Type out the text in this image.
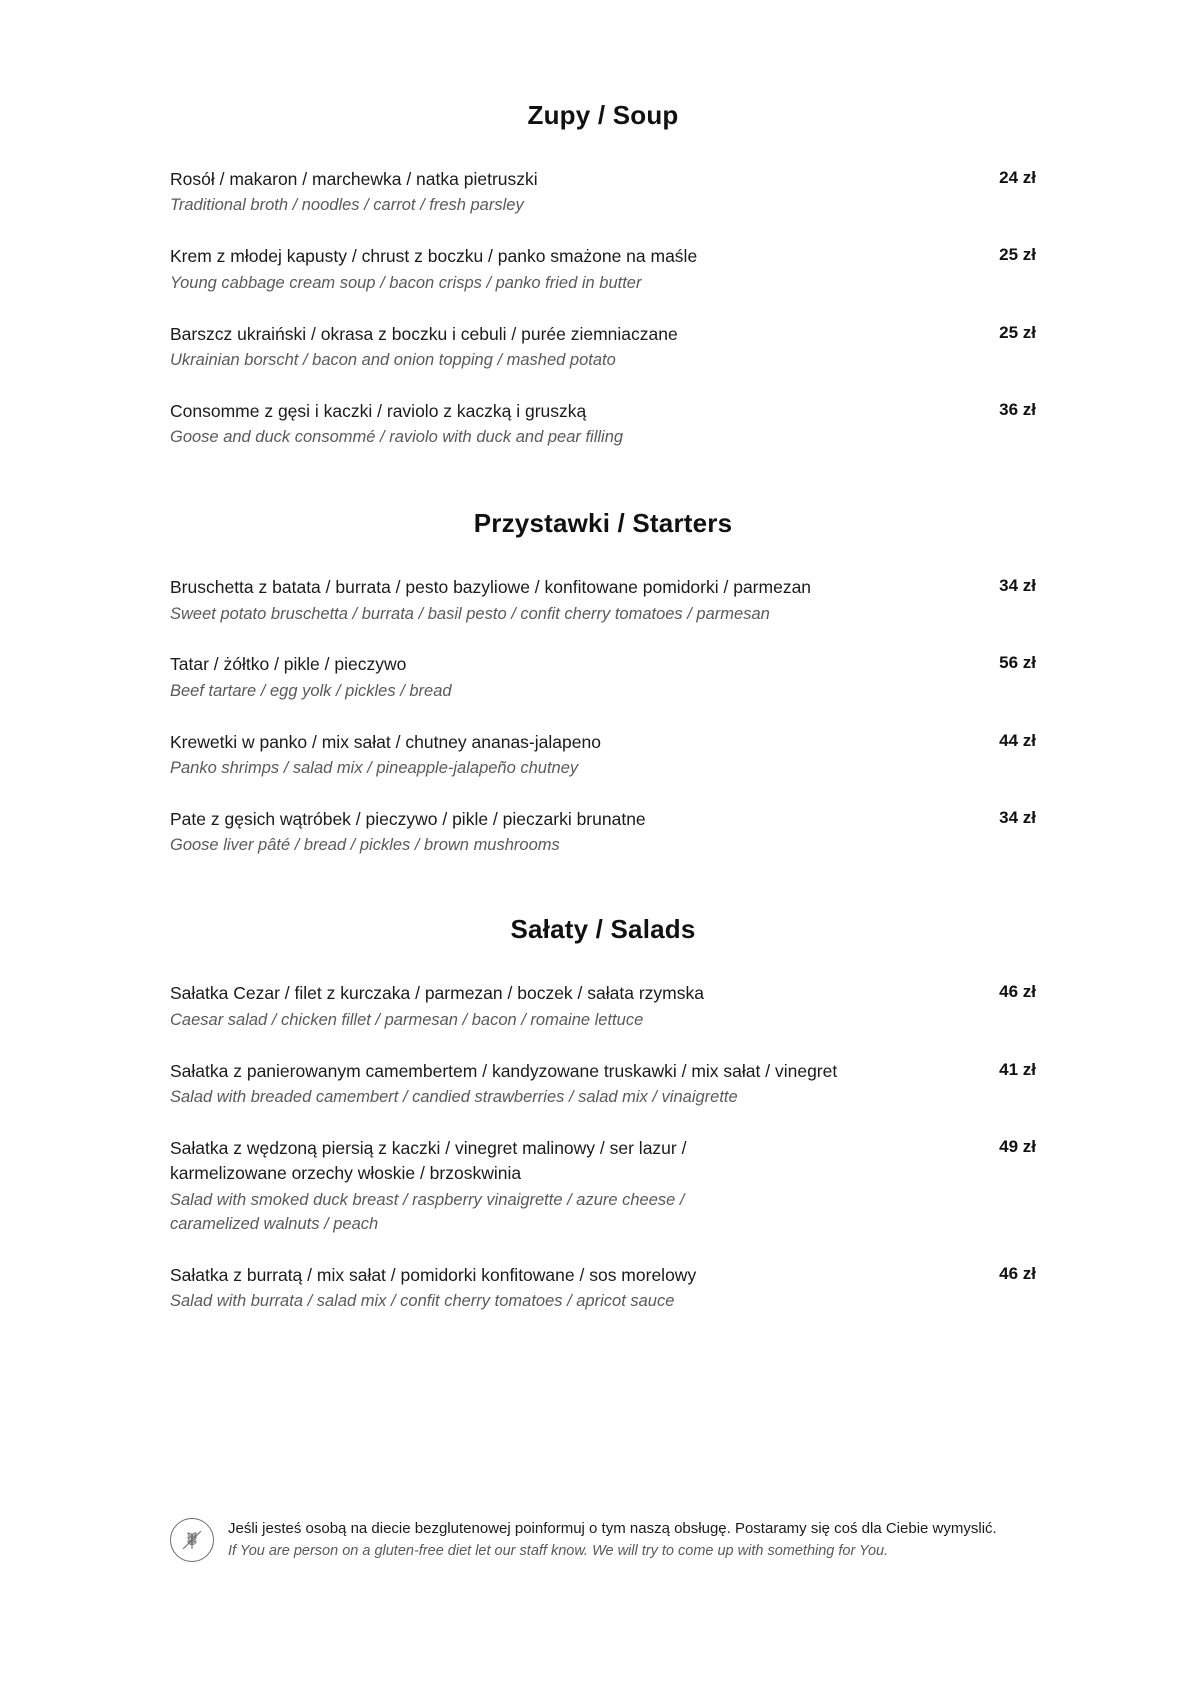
Zupy / Soup
Rosół / makaron / marchewka / natka pietruszki
Traditional broth / noodles / carrot / fresh parsley
24 zł
Krem z młodej kapusty / chrust z boczku / panko smażone na maśle
Young cabbage cream soup / bacon crisps / panko fried in butter
25 zł
Barszcz ukraiński / okrasa z boczku i cebuli / purée ziemniaczane
Ukrainian borscht / bacon and onion topping / mashed potato
25 zł
Consomme z gęsi i kaczki / raviolo z kaczką i gruszką
Goose and duck consommé / raviolo with duck and pear filling
36 zł
Przystawki / Starters
Bruschetta z batata / burrata / pesto bazyliowe / konfitowane pomidorki / parmezan
Sweet potato bruschetta / burrata / basil pesto / confit cherry tomatoes / parmesan
34 zł
Tatar / żółtko / pikle / pieczywo
Beef tartare / egg yolk / pickles / bread
56 zł
Krewetki w panko / mix sałat / chutney ananas-jalapeno
Panko shrimps / salad mix / pineapple-jalapeño chutney
44 zł
Pate z gęsich wątróbek / pieczywo / pikle / pieczarki brunatne
Goose liver pâté / bread / pickles / brown mushrooms
34 zł
Sałaty / Salads
Sałatka Cezar / filet z kurczaka / parmezan / boczek / sałata rzymska
Caesar salad / chicken fillet / parmesan / bacon / romaine lettuce
46 zł
Sałatka z panierowanym camembertem / kandyzowane truskawki / mix sałat / vinegret
Salad with breaded camembert / candied strawberries / salad mix / vinaigrette
41 zł
Sałatka z wędzoną piersią z kaczki / vinegret malinowy / ser lazur / karmelizowane orzechy włoskie / brzoskwinia
Salad with smoked duck breast / raspberry vinaigrette / azure cheese / caramelized walnuts / peach
49 zł
Sałatka z burratą / mix sałat / pomidorki konfitowane / sos morelowy
Salad with burrata / salad mix / confit cherry tomatoes / apricot sauce
46 zł
Jeśli jesteś osobą na diecie bezglutenowej poinformuj o tym naszą obsługę. Postaramy się coś dla Ciebie wymyslić.
If You are person on a gluten-free diet let our staff know. We will try to come up with something for You.
